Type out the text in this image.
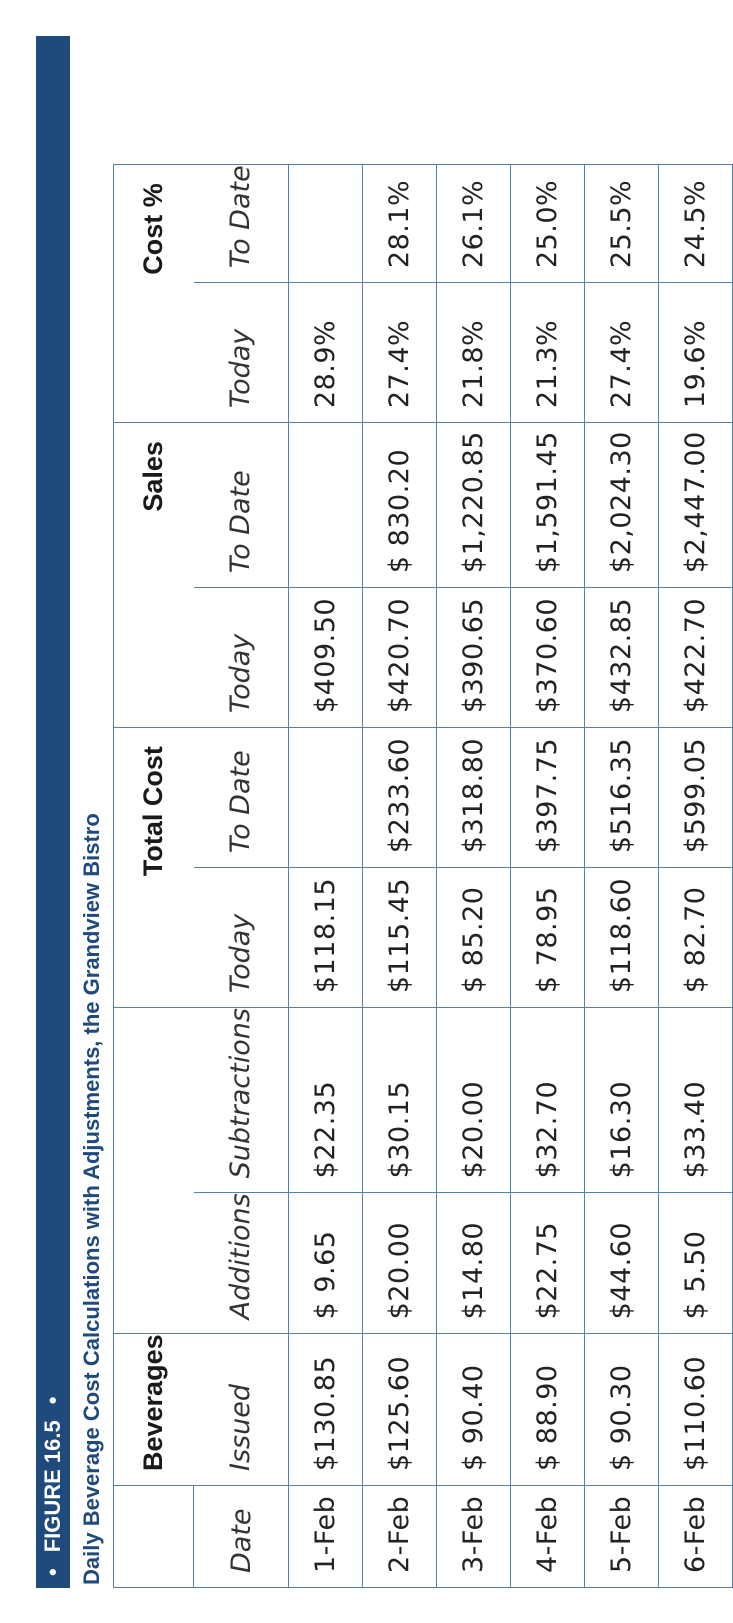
•FIGURE 16.5• Daily Beverage Cost Calculations with Adjustments, the Grandview Bistro
	Beverages			Total Cost		Sales		Cost %	
Date	Issued	Additions	Subtractions	Today	To Date	Today	To Date	Today	To Date
1-Feb	$130.85	$ 9.65	$22.35	$118.15		$409.50		28.9%	
2-Feb	$125.60	$20.00	$30.15	$115.45	$233.60	$420.70	$ 830.20	27.4%	28.1%
3-Feb	$ 90.40	$14.80	$20.00	$ 85.20	$318.80	$390.65	$1,220.85	21.8%	26.1%
4-Feb	$ 88.90	$22.75	$32.70	$ 78.95	$397.75	$370.60	$1,591.45	21.3%	25.0%
5-Feb	$ 90.30	$44.60	$16.30	$118.60	$516.35	$432.85	$2,024.30	27.4%	25.5%
6-Feb	$110.60	$ 5.50	$33.40	$ 82.70	$599.05	$422.70	$2,447.00	19.6%	24.5%
